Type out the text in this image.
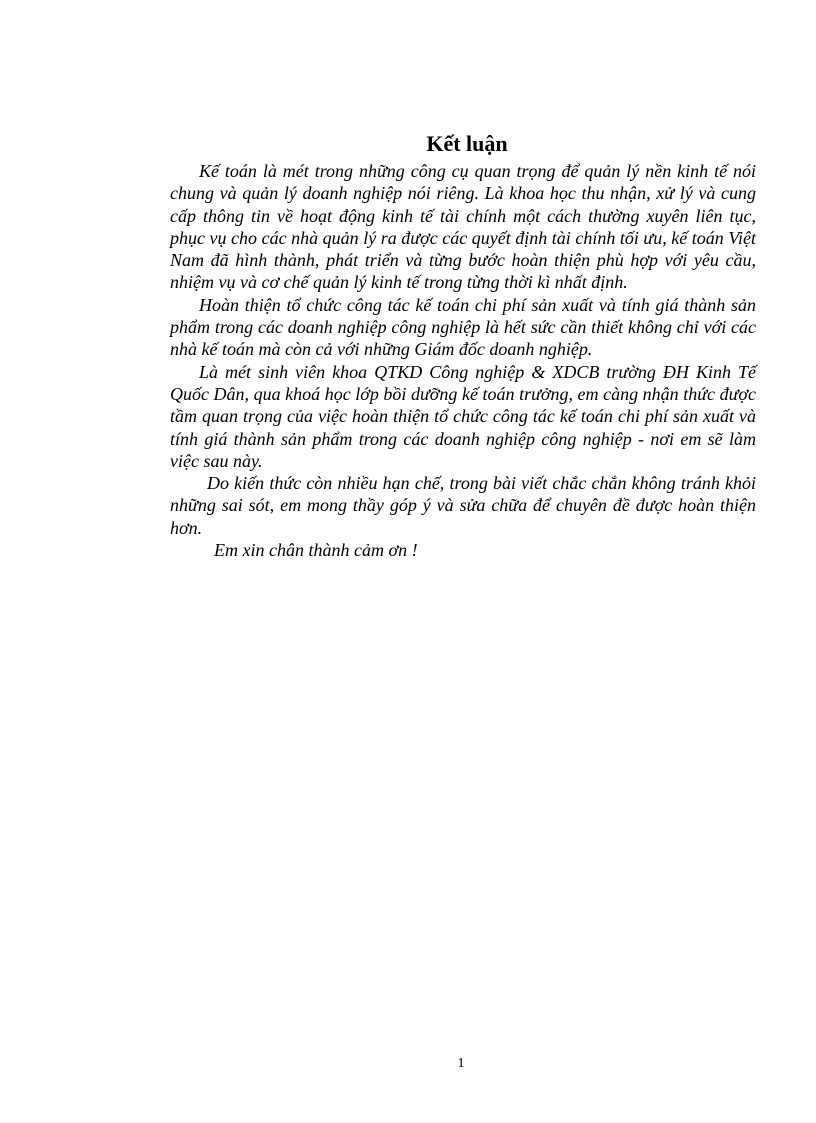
Kết luận

Kế toán là mét trong những công cụ quan trọng để quản lý nền kinh tế nói chung và quản lý doanh nghiệp nói riêng. Là khoa học thu nhận, xử lý và cung cấp thông tin về hoạt động kinh tế tài chính một cách thường xuyên liên tục, phục vụ cho các nhà quản lý ra được các quyết định tài chính tối ưu, kế toán Việt Nam đã hình thành, phát triển và từng bước hoàn thiện phù hợp với yêu cầu, nhiệm vụ và cơ chế quản lý kinh tế trong từng thời kì nhất định.

Hoàn thiện tổ chức công tác kế toán chi phí sản xuất và tính giá thành sản phẩm trong các doanh nghiệp công nghiệp là hết sức cần thiết không chỉ với các nhà kế toán mà còn cả với những Giám đốc doanh nghiệp.

Là mét sinh viên khoa QTKD Công nghiệp & XDCB trường ĐH Kinh Tế Quốc Dân, qua khoá học lớp bồi dưỡng kế toán trưởng, em càng nhận thức được tầm quan trọng của việc hoàn thiện tổ chức công tác kế toán chi phí sản xuất và tính giá thành sản phẩm trong các doanh nghiệp công nghiệp - nơi em sẽ làm việc sau này.

Do kiến thức còn nhiều hạn chế, trong bài viết chắc chắn không tránh khỏi những sai sót, em mong thầy góp ý và sửa chữa để chuyên đề được hoàn thiện hơn.

Em xin chân thành cảm ơn !

1
